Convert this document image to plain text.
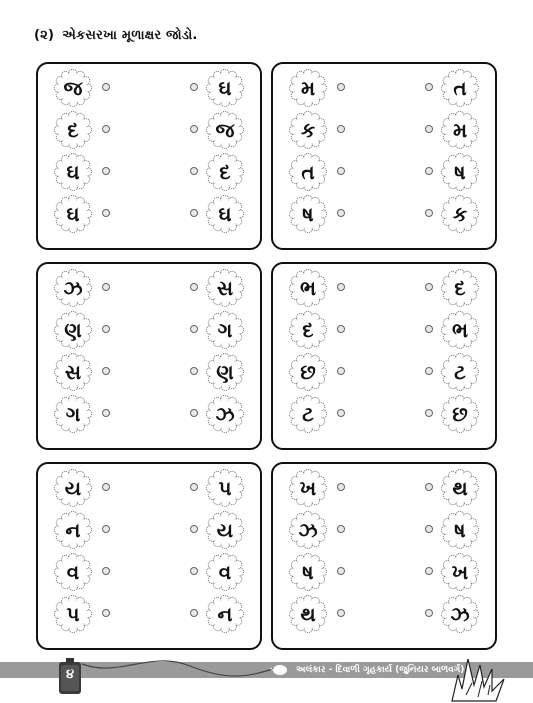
(૨) એકસરખા મૂળાક્ષર જોડો.
જ	ઘ
દ	જ
ઘ	દ
ઘ	ઘ
મ	ત
ક	મ
ત	ષ
ષ	ક
ઝ	સ
ણ	ગ
સ	ણ
ગ	ઝ
ભ	દ
દ	ભ
છ	ટ
ટ	છ
ય	પ
ન	ય
વ	વ
પ	ન
ખ	થ
ઝ	ષ
ષ	ખ
થ	ઝ
૪	અલંકાર - દિવાળી ગૃહકાર્ય (જુનિયર બાળવર્ગ)
